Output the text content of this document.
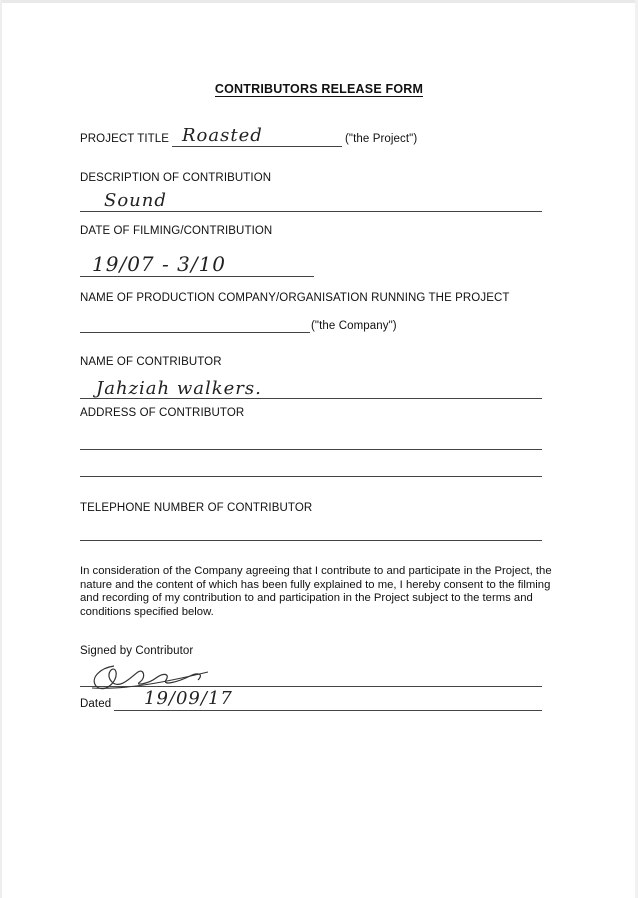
CONTRIBUTORS RELEASE FORM
PROJECT TITLE Roasted	("the Project")
DESCRIPTION OF CONTRIBUTION
Sound
DATE OF FILMING/CONTRIBUTION
19/07 - 3/10
NAME OF PRODUCTION COMPANY/ORGANISATION RUNNING THE PROJECT
("the Company")
NAME OF CONTRIBUTOR
Jahziah walkers.
ADDRESS OF CONTRIBUTOR
TELEPHONE NUMBER OF CONTRIBUTOR
In consideration of the Company agreeing that I contribute to and participate in the Project, the nature and the content of which has been fully explained to me, I hereby consent to the filming and recording of my contribution to and participation in the Project subject to the terms and conditions specified below.
Signed by Contributor
Dated 19/09/17
